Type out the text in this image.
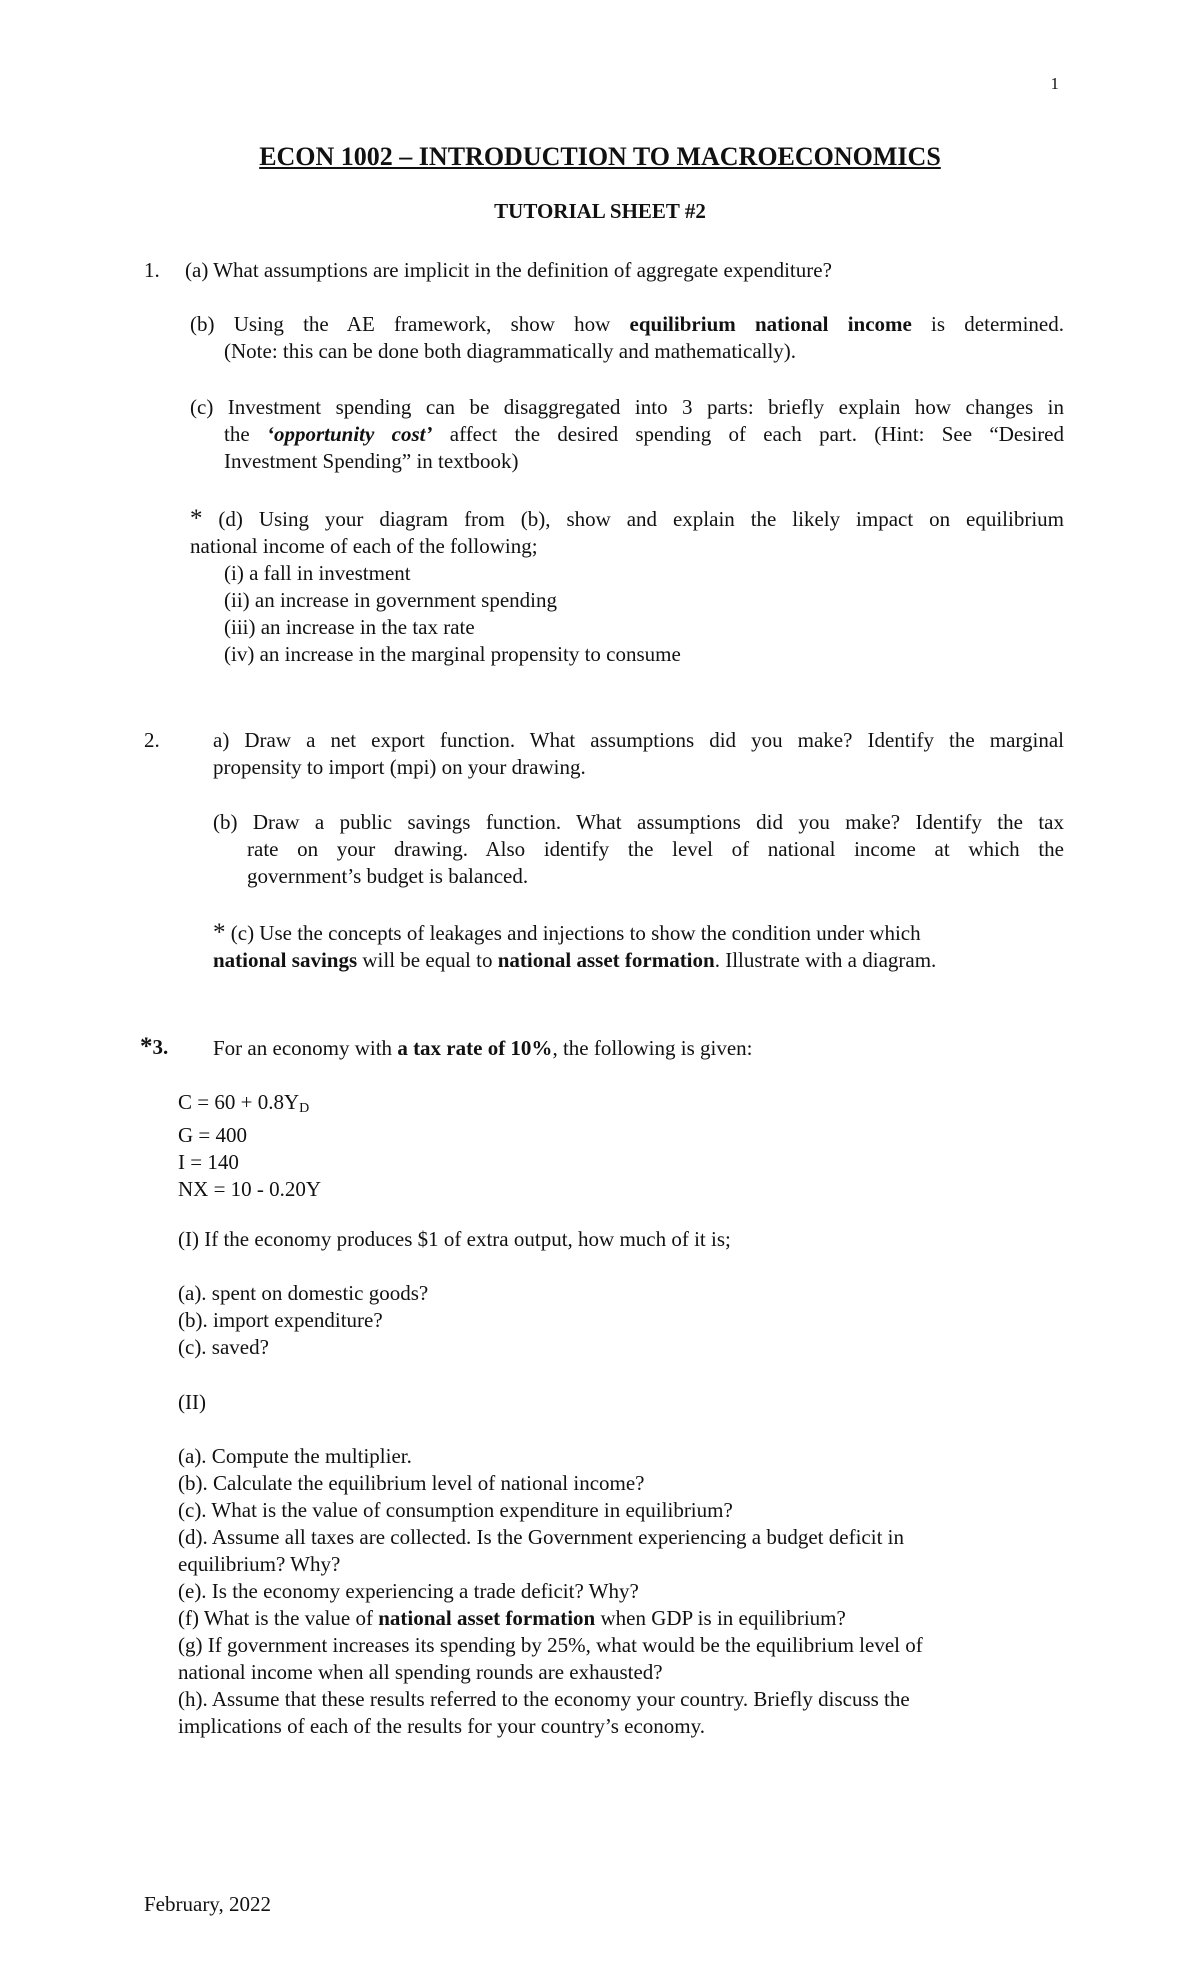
1
ECON 1002 – INTRODUCTION TO MACROECONOMICS
TUTORIAL SHEET #2
1. (a) What assumptions are implicit in the definition of aggregate expenditure?
(b) Using the AE framework, show how equilibrium national income is determined.
(Note: this can be done both diagrammatically and mathematically).
(c) Investment spending can be disaggregated into 3 parts: briefly explain how changes in
the ‘opportunity cost’ affect the desired spending of each part. (Hint: See “Desired
Investment Spending” in textbook)
* (d) Using your diagram from (b), show and explain the likely impact on equilibrium
national income of each of the following;
(i) a fall in investment
(ii) an increase in government spending
(iii) an increase in the tax rate
(iv) an increase in the marginal propensity to consume
2.	a) Draw a net export function. What assumptions did you make? Identify the marginal
propensity to import (mpi) on your drawing.
(b) Draw a public savings function. What assumptions did you make? Identify the tax
rate on your drawing. Also identify the level of national income at which the
government’s budget is balanced.
* (c) Use the concepts of leakages and injections to show the condition under which
national savings will be equal to national asset formation. Illustrate with a diagram.
*3. For an economy with a tax rate of 10%, the following is given:
$C = 60 + 0.8Y_D$
G = 400
I = 140
NX = 10 - 0.20Y
(I) If the economy produces $1 of extra output, how much of it is;
(a). spent on domestic goods?
(b). import expenditure?
(c). saved?
(II)
(a). Compute the multiplier.
(b). Calculate the equilibrium level of national income?
(c). What is the value of consumption expenditure in equilibrium?
(d). Assume all taxes are collected. Is the Government experiencing a budget deficit in
equilibrium? Why?
(e). Is the economy experiencing a trade deficit? Why?
(f) What is the value of national asset formation when GDP is in equilibrium?
(g) If government increases its spending by 25%, what would be the equilibrium level of
national income when all spending rounds are exhausted?
(h). Assume that these results referred to the economy your country. Briefly discuss the
implications of each of the results for your country’s economy.
February, 2022
